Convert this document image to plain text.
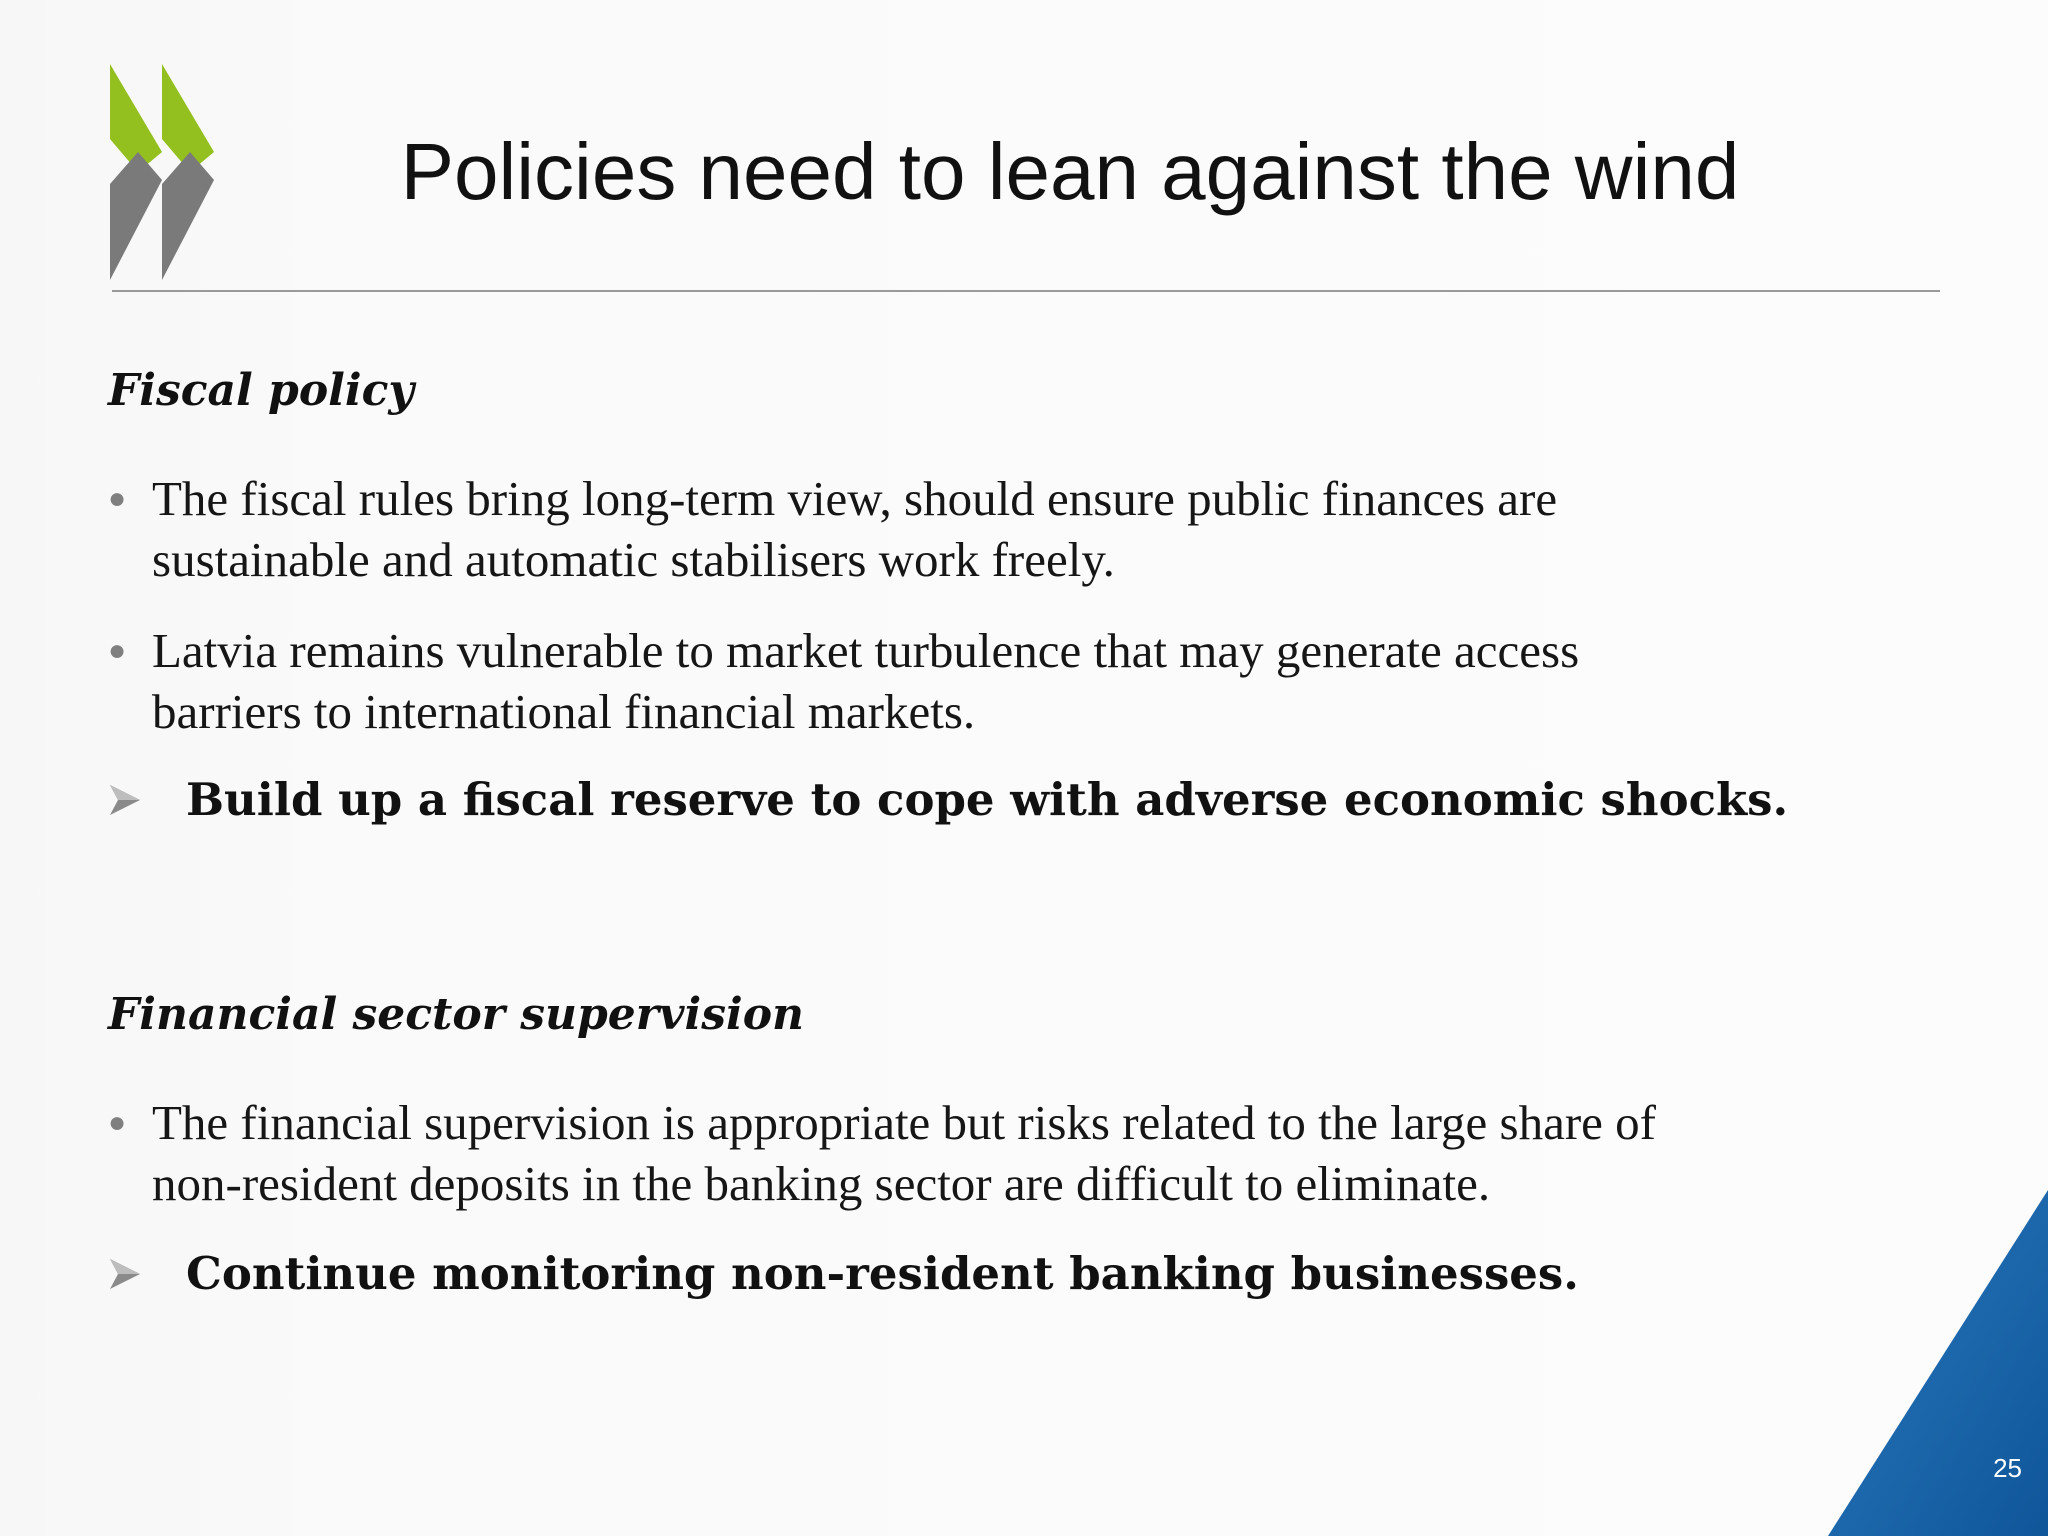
Policies need to lean against the wind
Fiscal policy
● The fiscal rules bring long-term view, should ensure public finances are
sustainable and automatic stabilisers work freely.
● Latvia remains vulnerable to market turbulence that may generate access
barriers to international financial markets.
Build up a fiscal reserve to cope with adverse economic shocks.
Financial sector supervision
● The financial supervision is appropriate but risks related to the large share of
non-resident deposits in the banking sector are difficult to eliminate.
Continue monitoring non-resident banking businesses.
25
